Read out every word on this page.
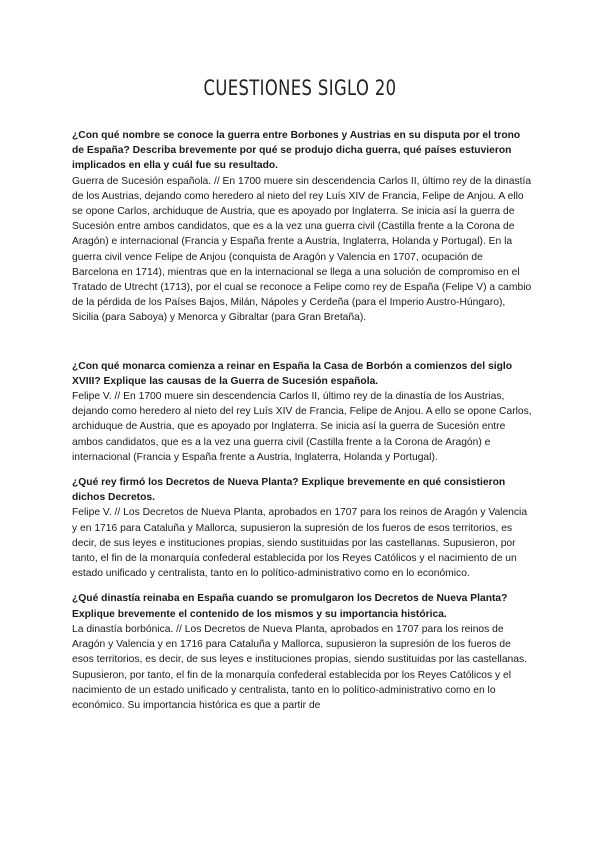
CUESTIONES SIGLO 20

¿Con qué nombre se conoce la guerra entre Borbones y Austrias en su disputa por el trono de España? Describa brevemente por qué se produjo dicha guerra, qué países estuvieron implicados en ella y cuál fue su resultado.

Guerra de Sucesión española. // En 1700 muere sin descendencia Carlos II, último rey de la dinastía de los Austrias, dejando como heredero al nieto del rey Luís XIV de Francia, Felipe de Anjou. A ello se opone Carlos, archiduque de Austria, que es apoyado por Inglaterra. Se inicia así la guerra de Sucesión entre ambos candidatos, que es a la vez una guerra civil (Castilla frente a la Corona de Aragón) e internacional (Francia y España frente a Austria, Inglaterra, Holanda y Portugal). En la guerra civil vence Felipe de Anjou (conquista de Aragón y Valencia en 1707, ocupación de Barcelona en 1714), mientras que en la internacional se llega a una solución de compromiso en el Tratado de Utrecht (1713), por el cual se reconoce a Felipe como rey de España (Felipe V) a cambio de la pérdida de los Países Bajos, Milán, Nápoles y Cerdeña (para el Imperio Austro-Húngaro), Sicilia (para Saboya) y Menorca y Gibraltar (para Gran Bretaña).

¿Con qué monarca comienza a reinar en España la Casa de Borbón a comienzos del siglo XVIII? Explique las causas de la Guerra de Sucesión española.

Felipe V. // En 1700 muere sin descendencia Carlos II, último rey de la dinastía de los Austrias, dejando como heredero al nieto del rey Luís XIV de Francia, Felipe de Anjou. A ello se opone Carlos, archiduque de Austria, que es apoyado por Inglaterra. Se inicia así la guerra de Sucesión entre ambos candidatos, que es a la vez una guerra civil (Castilla frente a la Corona de Aragón) e internacional (Francia y España frente a Austria, Inglaterra, Holanda y Portugal).

¿Qué rey firmó los Decretos de Nueva Planta? Explique brevemente en qué consistieron dichos Decretos.

Felipe V. // Los Decretos de Nueva Planta, aprobados en 1707 para los reinos de Aragón y Valencia y en 1716 para Cataluña y Mallorca, supusieron la supresión de los fueros de esos territorios, es decir, de sus leyes e instituciones propias, siendo sustituidas por las castellanas. Supusieron, por tanto, el fin de la monarquía confederal establecida por los Reyes Católicos y el nacimiento de un estado unificado y centralista, tanto en lo político-administrativo como en lo económico.

¿Qué dinastía reinaba en España cuando se promulgaron los Decretos de Nueva Planta? Explique brevemente el contenido de los mismos y su importancia histórica.

La dinastía borbónica. // Los Decretos de Nueva Planta, aprobados en 1707 para los reinos de Aragón y Valencia y en 1716 para Cataluña y Mallorca, supusieron la supresión de los fueros de esos territorios, es decir, de sus leyes e instituciones propias, siendo sustituidas por las castellanas. Supusieron, por tanto, el fin de la monarquía confederal establecida por los Reyes Católicos y el nacimiento de un estado unificado y centralista, tanto en lo político-administrativo como en lo económico. Su importancia histórica es que a partir de
